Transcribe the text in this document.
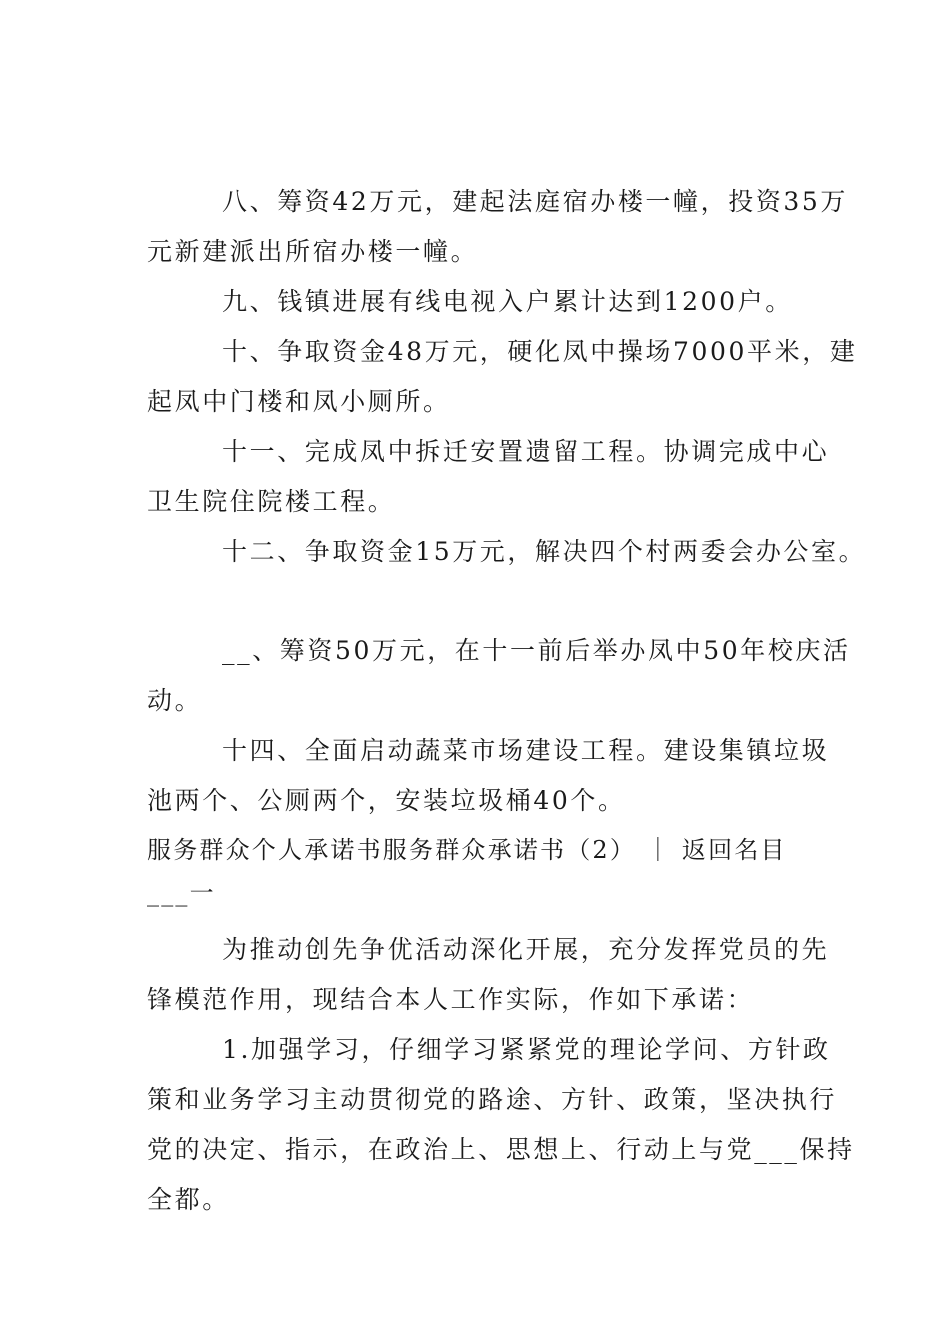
八、筹资42万元，建起法庭宿办楼一幢，投资35万
元新建派出所宿办楼一幢。
九、钱镇进展有线电视入户累计达到1200户。
十、争取资金48万元，硬化凤中操场7000平米，建
起凤中门楼和凤小厕所。
十一、完成凤中拆迁安置遗留工程。协调完成中心
卫生院住院楼工程。
十二、争取资金15万元，解决四个村两委会办公室。
__、筹资50万元，在十一前后举办凤中50年校庆活
动。
十四、全面启动蔬菜市场建设工程。建设集镇垃圾
池两个、公厕两个，安装垃圾桶40个。
服务群众个人承诺书服务群众承诺书（2） ｜ 返回名目
___一
为推动创先争优活动深化开展，充分发挥党员的先
锋模范作用，现结合本人工作实际，作如下承诺：
1.加强学习，仔细学习紧紧党的理论学问、方针政
策和业务学习主动贯彻党的路途、方针、政策，坚决执行
党的决定、指示，在政治上、思想上、行动上与党___保持
全都。
